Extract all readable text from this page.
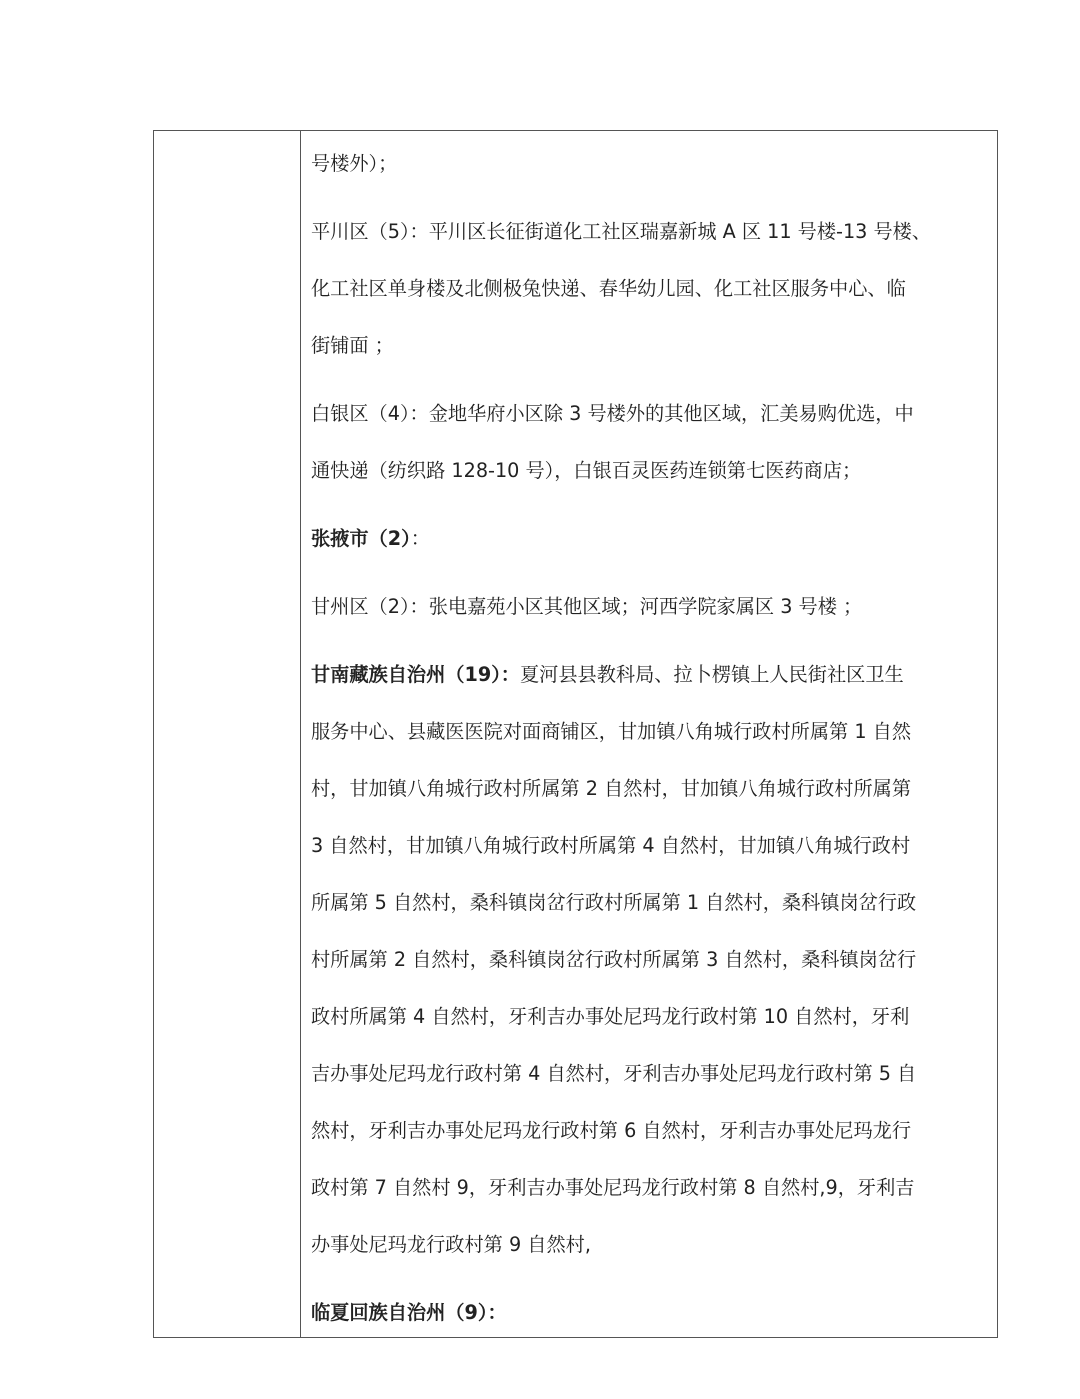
号楼外）；

平川区（5）：平川区长征街道化工社区瑞嘉新城 A 区 11 号楼-13 号楼、
化工社区单身楼及北侧极兔快递、春华幼儿园、化工社区服务中心、临
街铺面 ；

白银区（4）：金地华府小区除 3 号楼外的其他区域，汇美易购优选，中
通快递（纺织路 128-10 号），白银百灵医药连锁第七医药商店；

张掖市（2）：

甘州区（2）：张电嘉苑小区其他区域；河西学院家属区 3 号楼 ；

甘南藏族自治州（19）：夏河县县教科局、拉卜楞镇上人民街社区卫生
服务中心、县藏医医院对面商铺区，甘加镇八角城行政村所属第 1 自然
村，甘加镇八角城行政村所属第 2 自然村，甘加镇八角城行政村所属第
3 自然村，甘加镇八角城行政村所属第 4 自然村，甘加镇八角城行政村
所属第 5 自然村，桑科镇岗岔行政村所属第 1 自然村，桑科镇岗岔行政
村所属第 2 自然村，桑科镇岗岔行政村所属第 3 自然村，桑科镇岗岔行
政村所属第 4 自然村，牙利吉办事处尼玛龙行政村第 10 自然村，牙利
吉办事处尼玛龙行政村第 4 自然村，牙利吉办事处尼玛龙行政村第 5 自
然村，牙利吉办事处尼玛龙行政村第 6 自然村，牙利吉办事处尼玛龙行
政村第 7 自然村 9，牙利吉办事处尼玛龙行政村第 8 自然村,9，牙利吉
办事处尼玛龙行政村第 9 自然村,

临夏回族自治州（9）：
